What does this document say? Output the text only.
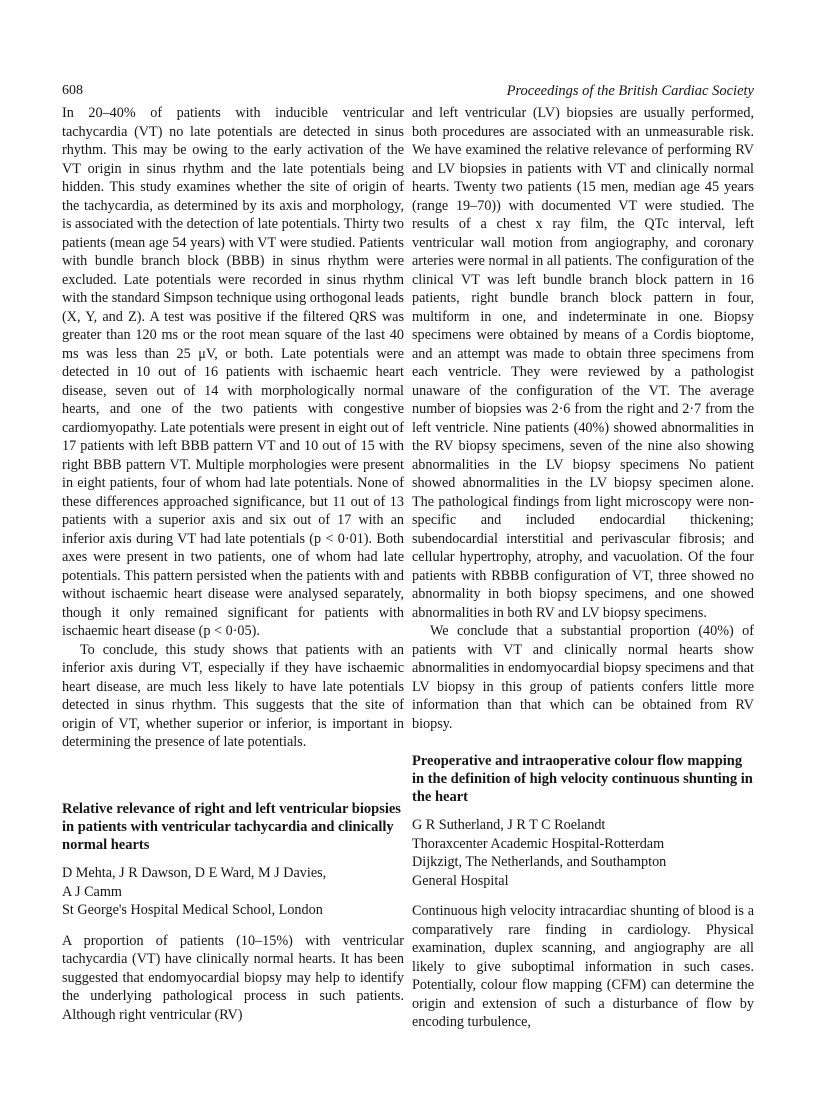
608	Proceedings of the British Cardiac Society

In 20–40% of patients with inducible ventricular tachycardia (VT) no late potentials are detected in sinus rhythm. This may be owing to the early activation of the VT origin in sinus rhythm and the late potentials being hidden. This study examines whether the site of origin of the tachycardia, as determined by its axis and morphology, is associated with the detection of late potentials. Thirty two patients (mean age 54 years) with VT were studied. Patients with bundle branch block (BBB) in sinus rhythm were excluded. Late potentials were recorded in sinus rhythm with the standard Simpson technique using orthogonal leads (X, Y, and Z). A test was positive if the filtered QRS was greater than 120 ms or the root mean square of the last 40 ms was less than 25 μV, or both. Late potentials were detected in 10 out of 16 patients with ischaemic heart disease, seven out of 14 with morphologically normal hearts, and one of the two patients with congestive cardiomyopathy. Late potentials were present in eight out of 17 patients with left BBB pattern VT and 10 out of 15 with right BBB pattern VT. Multiple morphologies were present in eight patients, four of whom had late potentials. None of these differences approached significance, but 11 out of 13 patients with a superior axis and six out of 17 with an inferior axis during VT had late potentials (p < 0·01). Both axes were present in two patients, one of whom had late potentials. This pattern persisted when the patients with and without ischaemic heart disease were analysed separately, though it only remained significant for patients with ischaemic heart disease (p < 0·05).

To conclude, this study shows that patients with an inferior axis during VT, especially if they have ischaemic heart disease, are much less likely to have late potentials detected in sinus rhythm. This suggests that the site of origin of VT, whether superior or inferior, is important in determining the presence of late potentials.

Relative relevance of right and left ventricular biopsies in patients with ventricular tachycardia and clinically normal hearts

D Mehta, J R Dawson, D E Ward, M J Davies,

A J Camm

St George's Hospital Medical School, London

A proportion of patients (10–15%) with ventricular tachycardia (VT) have clinically normal hearts. It has been suggested that endomyocardial biopsy may help to identify the underlying pathological process in such patients. Although right ventricular (RV)

and left ventricular (LV) biopsies are usually performed, both procedures are associated with an unmeasurable risk. We have examined the relative relevance of performing RV and LV biopsies in patients with VT and clinically normal hearts. Twenty two patients (15 men, median age 45 years (range 19–70)) with documented VT were studied. The results of a chest x ray film, the QTc interval, left ventricular wall motion from angiography, and coronary arteries were normal in all patients. The configuration of the clinical VT was left bundle branch block pattern in 16 patients, right bundle branch block pattern in four, multiform in one, and indeterminate in one. Biopsy specimens were obtained by means of a Cordis bioptome, and an attempt was made to obtain three specimens from each ventricle. They were reviewed by a pathologist unaware of the configuration of the VT. The average number of biopsies was 2·6 from the right and 2·7 from the left ventricle. Nine patients (40%) showed abnormalities in the RV biopsy specimens, seven of the nine also showing abnormalities in the LV biopsy specimens No patient showed abnormalities in the LV biopsy specimen alone. The pathological findings from light microscopy were non-specific and included endocardial thickening; subendocardial interstitial and perivascular fibrosis; and cellular hypertrophy, atrophy, and vacuolation. Of the four patients with RBBB configuration of VT, three showed no abnormality in both biopsy specimens, and one showed abnormalities in both RV and LV biopsy specimens.

We conclude that a substantial proportion (40%) of patients with VT and clinically normal hearts show abnormalities in endomyocardial biopsy specimens and that LV biopsy in this group of patients confers little more information than that which can be obtained from RV biopsy.

Preoperative and intraoperative colour flow mapping in the definition of high velocity continuous shunting in the heart

G R Sutherland, J R T C Roelandt

Thoraxcenter Academic Hospital-Rotterdam

Dijkzigt, The Netherlands, and Southampton

General Hospital

Continuous high velocity intracardiac shunting of blood is a comparatively rare finding in cardiology. Physical examination, duplex scanning, and angiography are all likely to give suboptimal information in such cases. Potentially, colour flow mapping (CFM) can determine the origin and extension of such a disturbance of flow by encoding turbulence,
